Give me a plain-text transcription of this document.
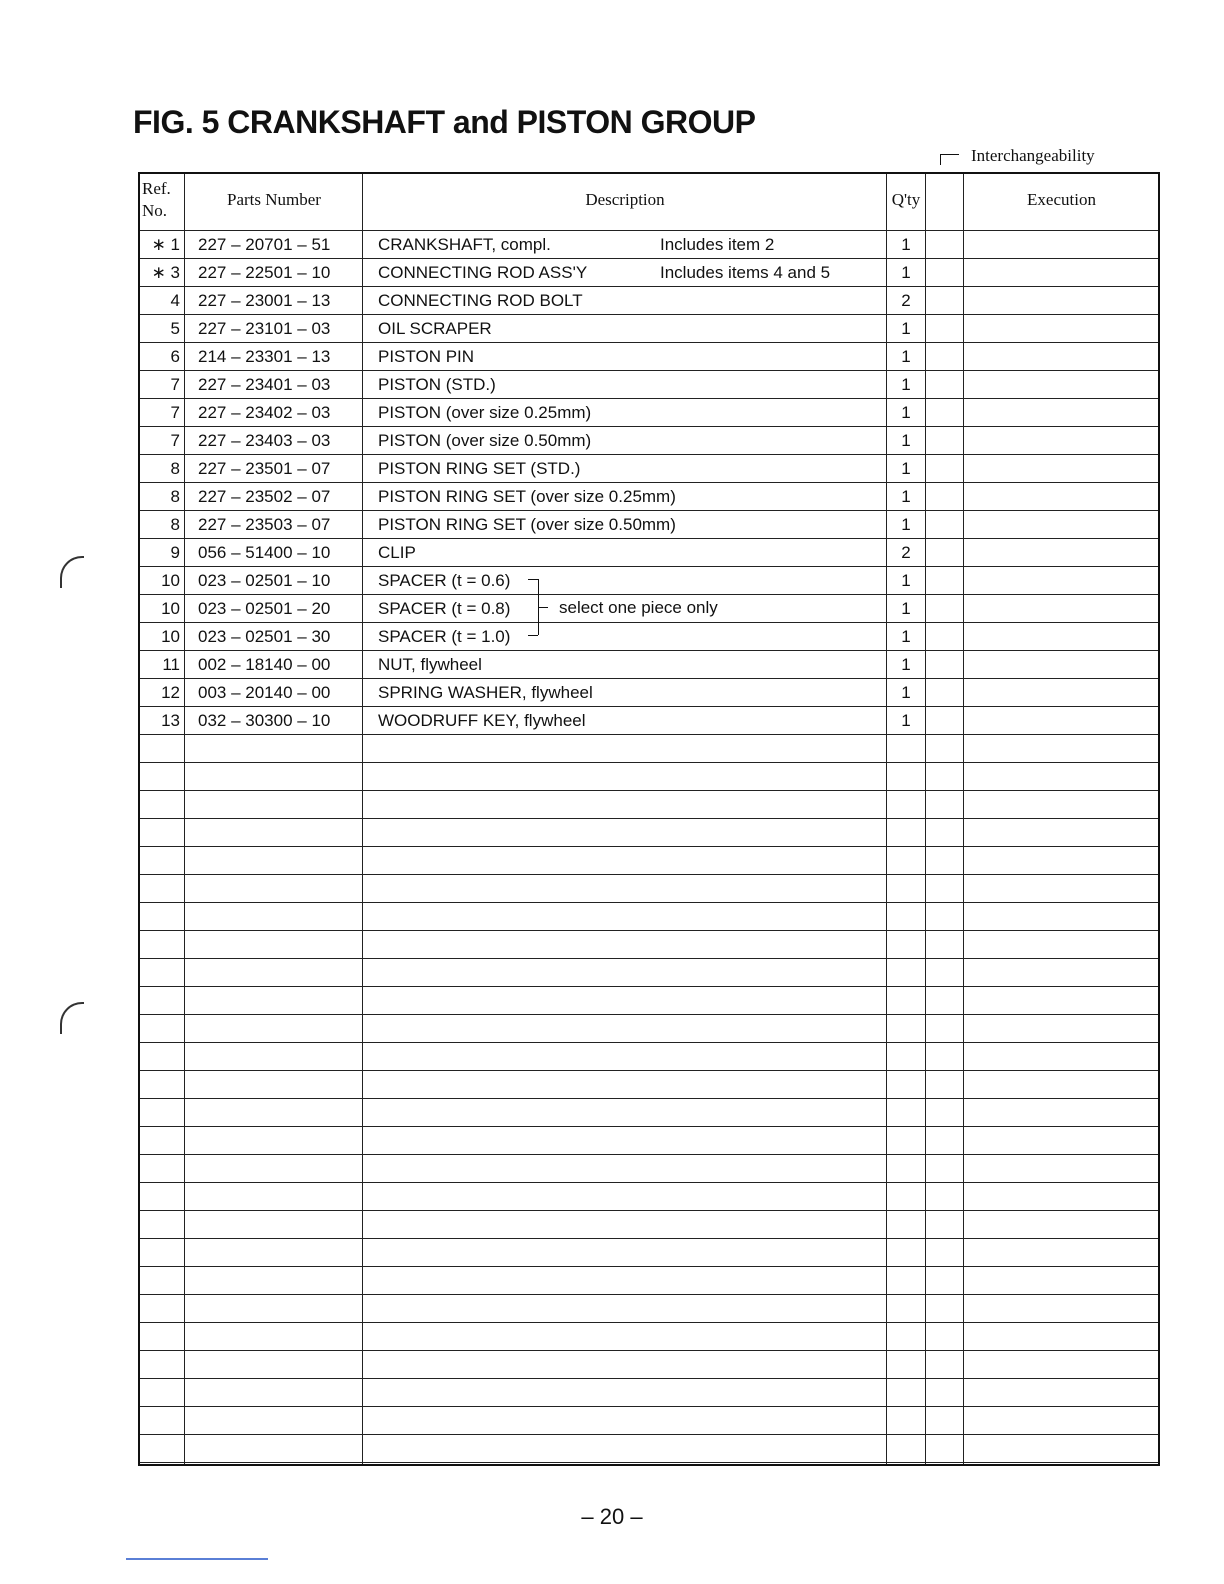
FIG. 5 CRANKSHAFT and PISTON GROUP
Interchangeability
Ref.
No.
Parts Number	Description	Q'ty	Execution
∗ 1 227 – 20701 – 51	CRANKSHAFT, compl.	Includes item 2	1
∗ 3 227 – 22501 – 10	CONNECTING ROD ASS'Y	Includes items 4 and 5	1
4 227 – 23001 – 13	CONNECTING ROD BOLT	2
5 227 – 23101 – 03	OIL SCRAPER	1
6 214 – 23301 – 13	PISTON PIN	1
7 227 – 23401 – 03	PISTON (STD.)	1
7 227 – 23402 – 03	PISTON (over size 0.25mm)	1
7 227 – 23403 – 03	PISTON (over size 0.50mm)	1
8 227 – 23501 – 07	PISTON RING SET (STD.)	1
8 227 – 23502 – 07	PISTON RING SET (over size 0.25mm)	1
8 227 – 23503 – 07	PISTON RING SET (over size 0.50mm)	1
9 056 – 51400 – 10	CLIP	2
10 023 – 02501 – 10	SPACER (t = 0.6)	1
10 023 – 02501 – 20	SPACER (t = 0.8)	1
10 023 – 02501 – 30	SPACER (t = 1.0)	1
11 002 – 18140 – 00	NUT, flywheel	1
12 003 – 20140 – 00	SPRING WASHER, flywheel	1
13 032 – 30300 – 10	WOODRUFF KEY, flywheel	1
select one piece only
– 20 –
